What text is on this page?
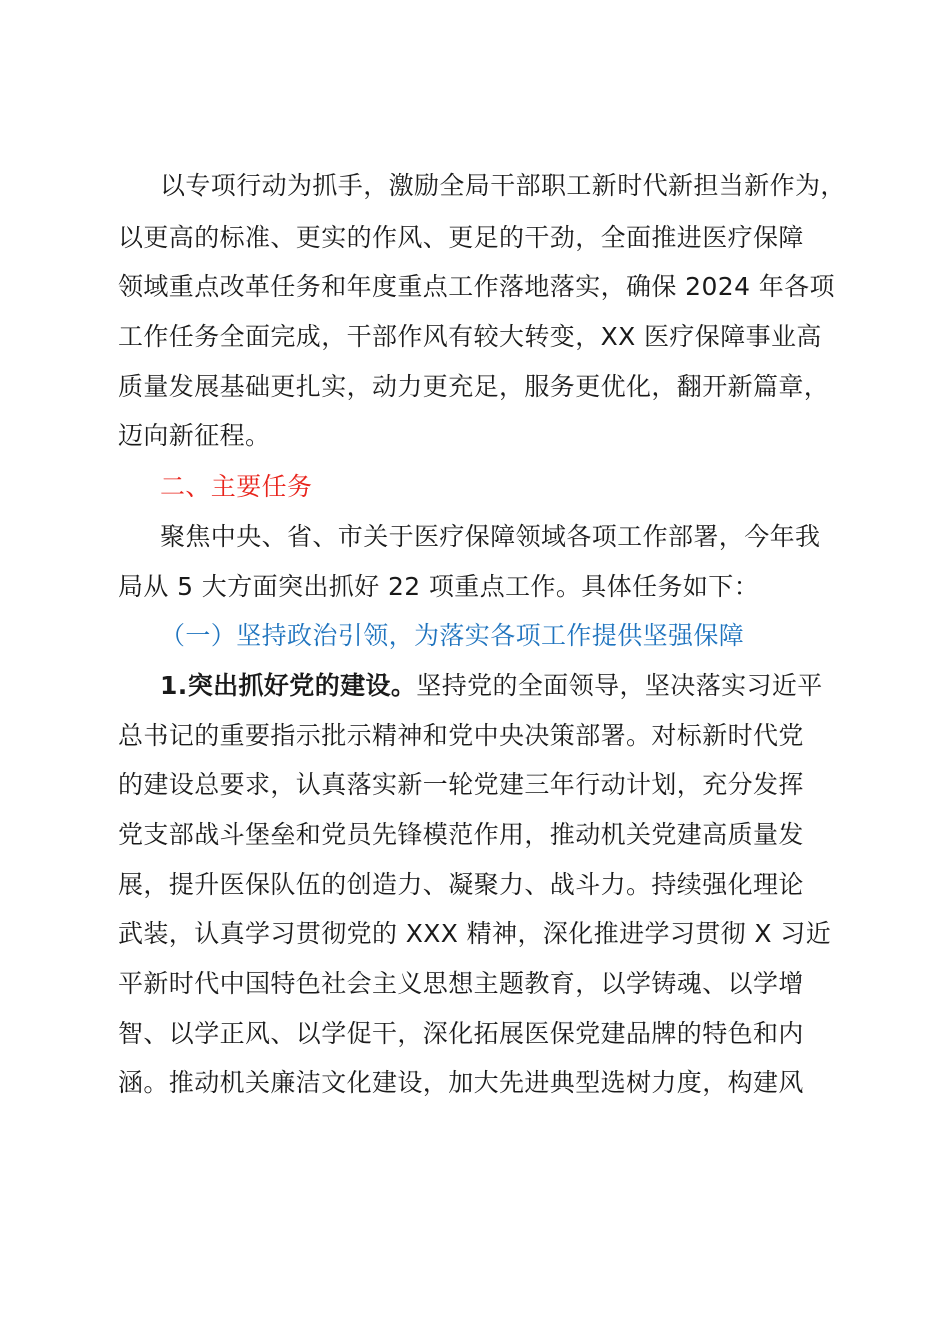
以专项行动为抓手，激励全局干部职工新时代新担当新作为，
以更高的标准、更实的作风、更足的干劲，全面推进医疗保障
领域重点改革任务和年度重点工作落地落实，确保 2024 年各项
工作任务全面完成，干部作风有较大转变，XX 医疗保障事业高
质量发展基础更扎实，动力更充足，服务更优化，翻开新篇章，
迈向新征程。
二、主要任务
聚焦中央、省、市关于医疗保障领域各项工作部署，今年我
局从 5 大方面突出抓好 22 项重点工作。具体任务如下：
（一）坚持政治引领，为落实各项工作提供坚强保障
1.突出抓好党的建设。坚持党的全面领导，坚决落实习近平
总书记的重要指示批示精神和党中央决策部署。对标新时代党
的建设总要求，认真落实新一轮党建三年行动计划，充分发挥
党支部战斗堡垒和党员先锋模范作用，推动机关党建高质量发
展，提升医保队伍的创造力、凝聚力、战斗力。持续强化理论
武装，认真学习贯彻党的 XXX 精神，深化推进学习贯彻 X 习近
平新时代中国特色社会主义思想主题教育，以学铸魂、以学增
智、以学正风、以学促干，深化拓展医保党建品牌的特色和内
涵。推动机关廉洁文化建设，加大先进典型选树力度，构建风
